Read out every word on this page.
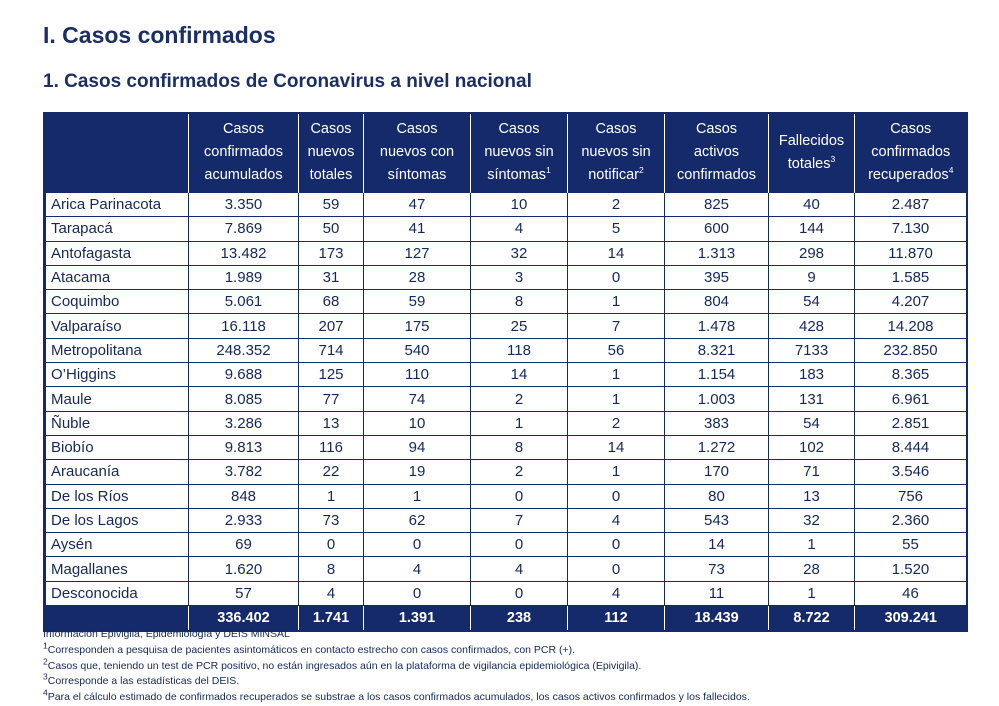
I. Casos confirmados
1. Casos confirmados de Coronavirus a nivel nacional

	Casos
confirmados
acumulados	Casos
nuevos
totales	Casos
nuevos con
síntomas	Casos
nuevos sin
síntomas$^1$	Casos
nuevos sin
notificar$^2$	Casos
activos
confirmados	Fallecidos
totales$^3$	Casos
confirmados
recuperados$^4$

Arica Parinacota	3.350	59	47	10	2	825	40	2.487
Tarapacá	7.869	50	41	4	5	600	144	7.130
Antofagasta	13.482	173	127	32	14	1.313	298	11.870
Atacama	1.989	31	28	3	0	395	9	1.585
Coquimbo	5.061	68	59	8	1	804	54	4.207
Valparaíso	16.118	207	175	25	7	1.478	428	14.208
Metropolitana	248.352	714	540	118	56	8.321	7133	232.850
O’Higgins	9.688	125	110	14	1	1.154	183	8.365
Maule	8.085	77	74	2	1	1.003	131	6.961
Ñuble	3.286	13	10	1	2	383	54	2.851
Biobío	9.813	116	94	8	14	1.272	102	8.444
Araucanía	3.782	22	19	2	1	170	71	3.546
De los Ríos	848	1	1	0	0	80	13	756
De los Lagos	2.933	73	62	7	4	543	32	2.360
Aysén	69	0	0	0	0	14	1	55
Magallanes	1.620	8	4	4	0	73	28	1.520
Desconocida	57	4	0	0	4	11	1	46
	336.402	1.741	1.391	238	112	18.439	8.722	309.241
Información Epivigila, Epidemiología y DEIS MINSAL
$^1$Corresponden a pesquisa de pacientes asintomáticos en contacto estrecho con casos confirmados, con PCR (+).
$^2$Casos que, teniendo un test de PCR positivo, no están ingresados aún en la plataforma de vigilancia epidemiológica (Epivigila).
$^3$Corresponde a las estadísticas del DEIS.
$^4$Para el cálculo estimado de confirmados recuperados se substrae a los casos confirmados acumulados, los casos activos confirmados y los fallecidos.
